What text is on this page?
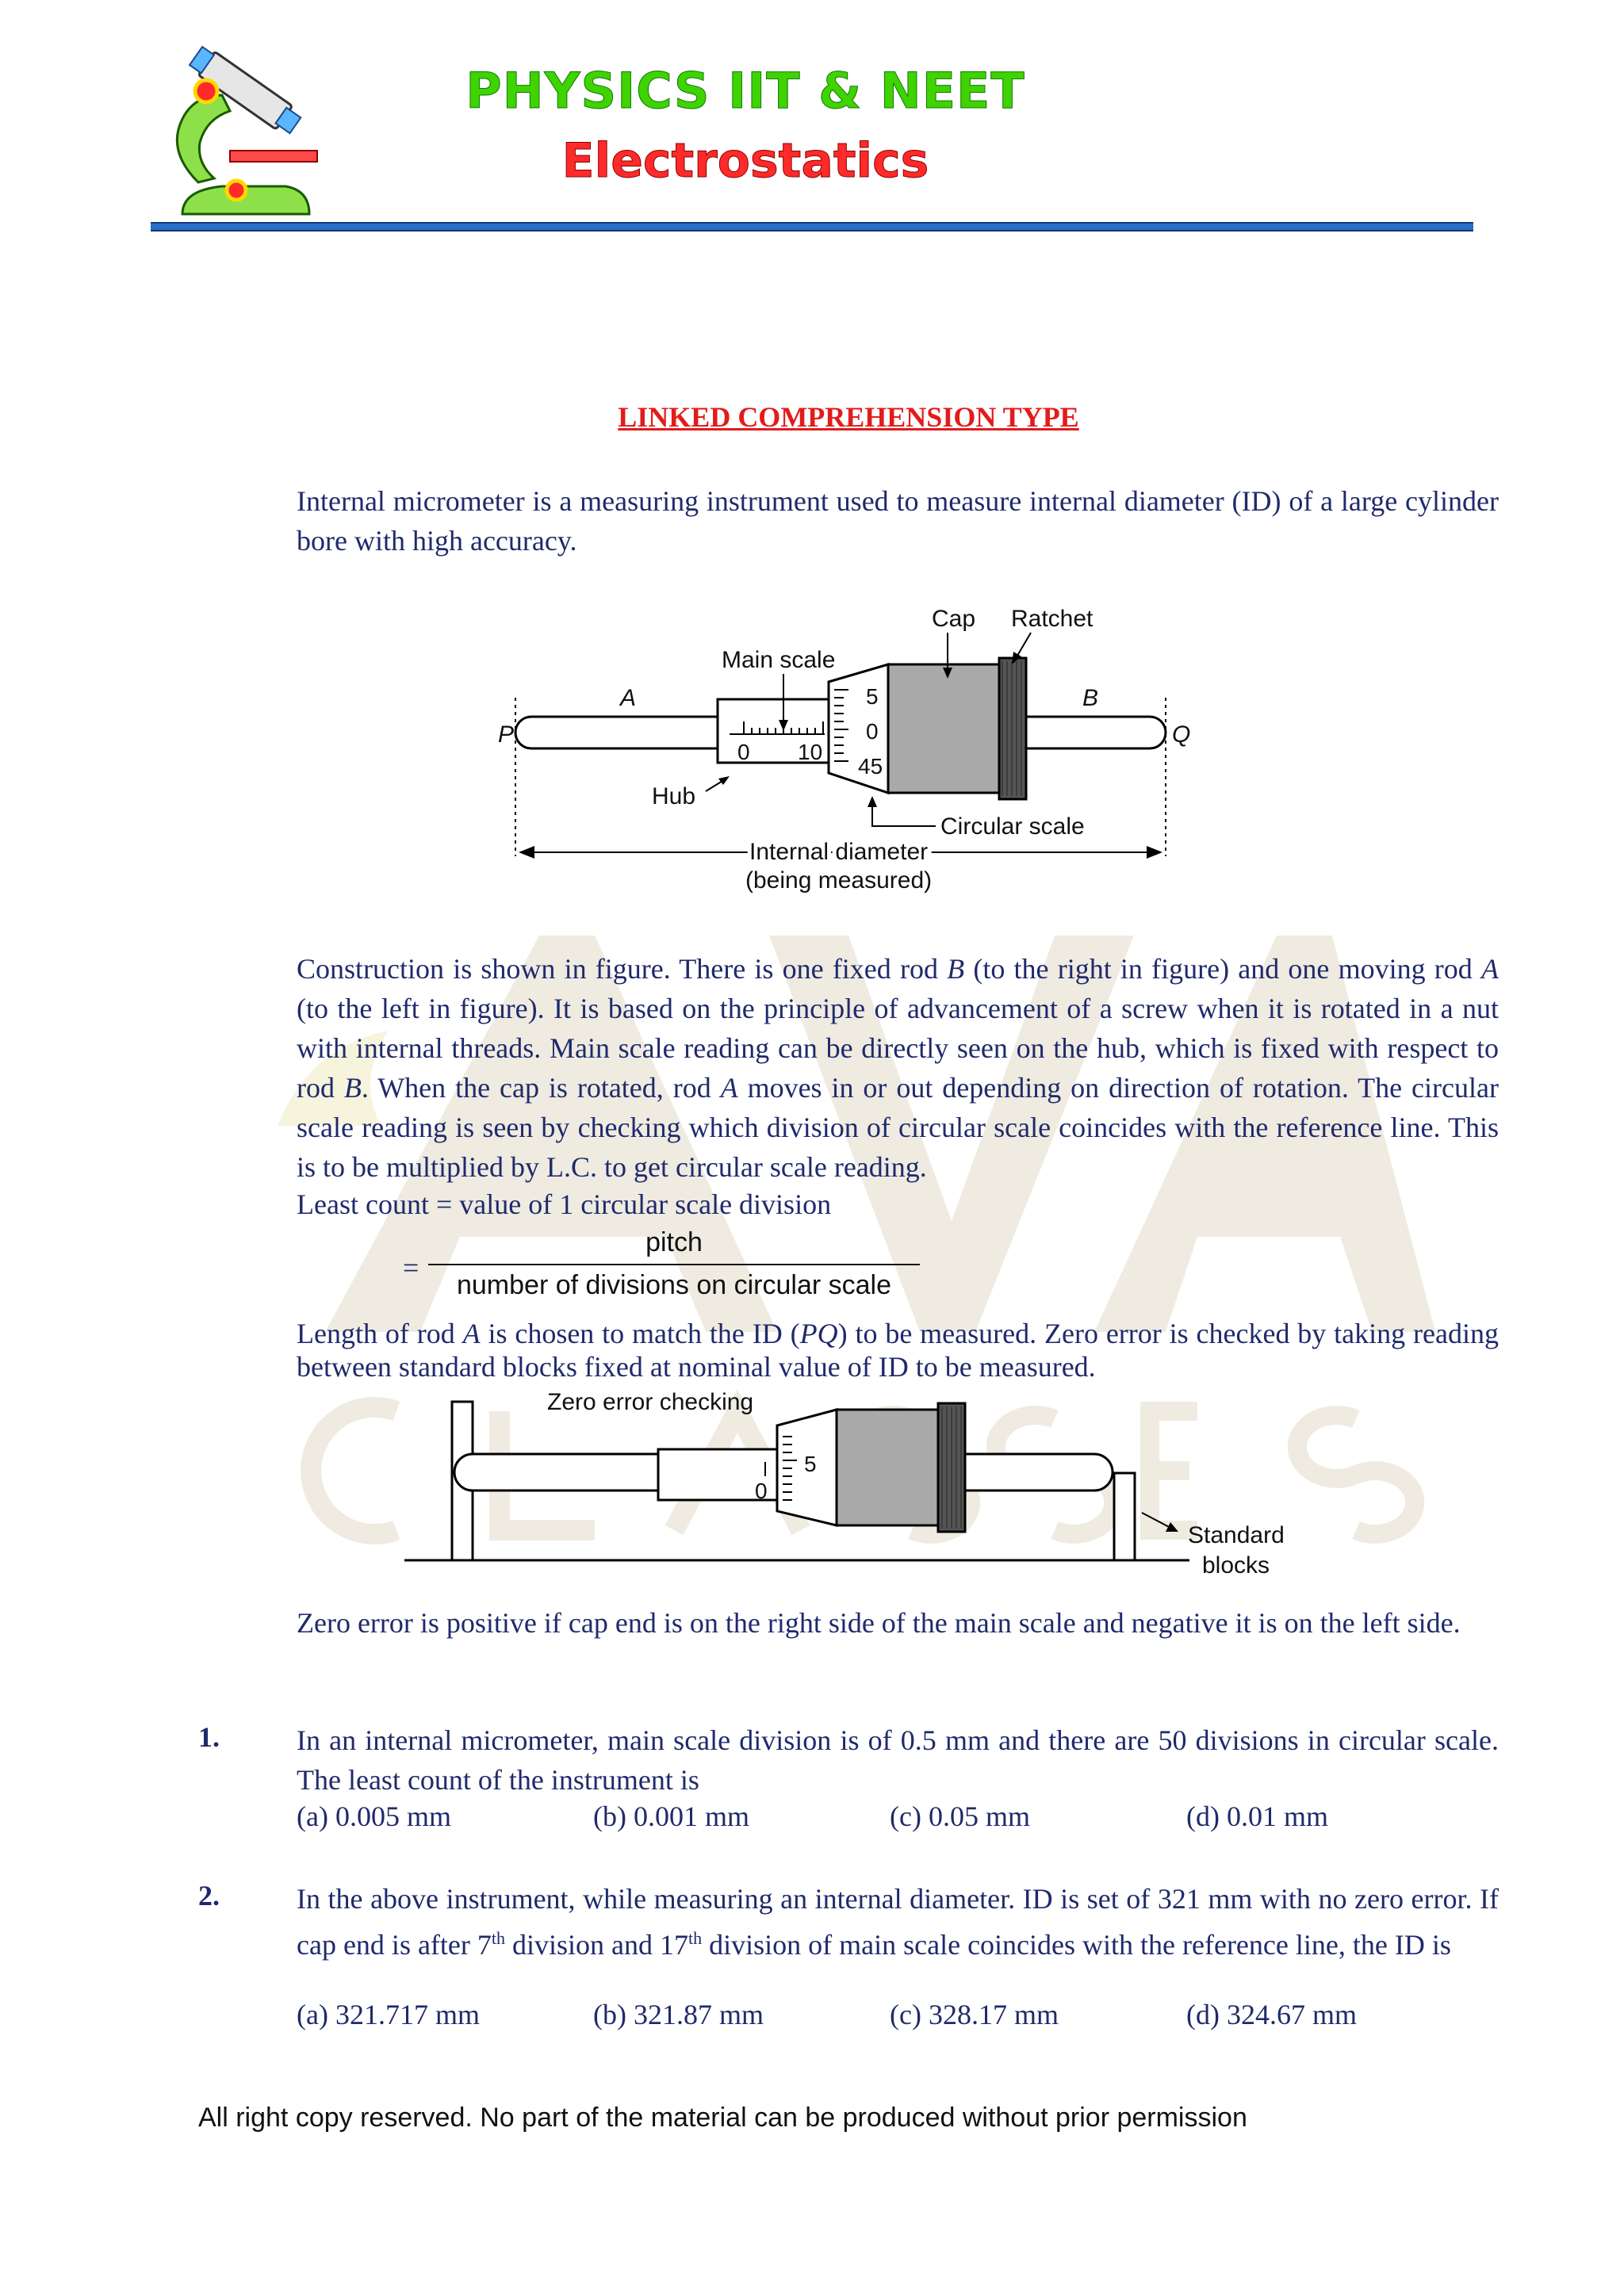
PHYSICS IIT & NEET
Electrostatics
LINKED COMPREHENSION TYPE

Internal micrometer is a measuring instrument used to measure internal diameter (ID) of a large cylinder bore with high accuracy.

Cap Ratchet
Main scale
A	B
P	Q
0 10
5
0
45
Hub
Circular scale
Internal diameter
(being measured)

Construction is shown in figure. There is one fixed rod B (to the right in figure) and one moving rod A (to the left in figure). It is based on the principle of advancement of a screw when it is rotated in a nut with internal threads. Main scale reading can be directly seen on the hub, which is fixed with respect to rod B. When the cap is rotated, rod A moves in or out depending on direction of rotation. The circular scale reading is seen by checking which division of circular scale coincides with the reference line. This is to be multiplied by L.C. to get circular scale reading.

Least count = value of 1 circular scale division
=
pitch
number of divisions on circular scale

Length of rod A is chosen to match the ID (PQ) to be measured. Zero error is checked by taking reading between standard blocks fixed at nominal value of ID to be measured.

Zero error checking
5
0
Standard
blocks

Zero error is positive if cap end is on the right side of the main scale and negative it is on the left side.

1.	In an internal micrometer, main scale division is of 0.5 mm and there are 50 divisions in circular scale. The least count of the instrument is
(a) 0.005 mm	(b) 0.001 mm	(c) 0.05 mm	(d) 0.01 mm
2.	In the above instrument, while measuring an internal diameter. ID is set of 321 mm with no zero error. If cap end is after 7th division and 17th division of main scale coincides with the reference line, the ID is
(a) 321.717 mm	(b) 321.87 mm	(c) 328.17 mm	(d) 324.67 mm
All right copy reserved. No part of the material can be produced without prior permission
